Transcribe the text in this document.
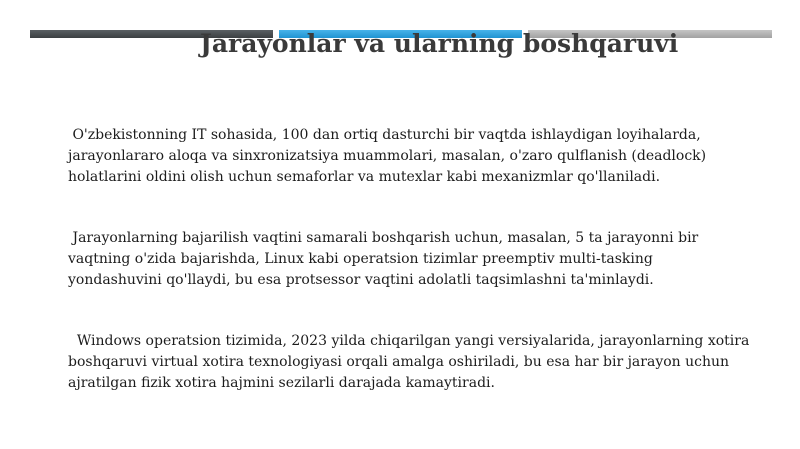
Jarayonlar va ularning boshqaruvi
O'zbekistonning IT sohasida, 100 dan ortiq dasturchi bir vaqtda ishlaydigan loyihalarda,
jarayonlararo aloqa va sinxronizatsiya muammolari, masalan, o'zaro qulflanish (deadlock)
holatlarini oldini olish uchun semaforlar va mutexlar kabi mexanizmlar qo'llaniladi.
Jarayonlarning bajarilish vaqtini samarali boshqarish uchun, masalan, 5 ta jarayonni bir
vaqtning o'zida bajarishda, Linux kabi operatsion tizimlar preemptiv multi-tasking
yondashuvini qo'llaydi, bu esa protsessor vaqtini adolatli taqsimlashni ta'minlaydi.
Windows operatsion tizimida, 2023 yilda chiqarilgan yangi versiyalarida, jarayonlarning xotira
boshqaruvi virtual xotira texnologiyasi orqali amalga oshiriladi, bu esa har bir jarayon uchun
ajratilgan fizik xotira hajmini sezilarli darajada kamaytiradi.
